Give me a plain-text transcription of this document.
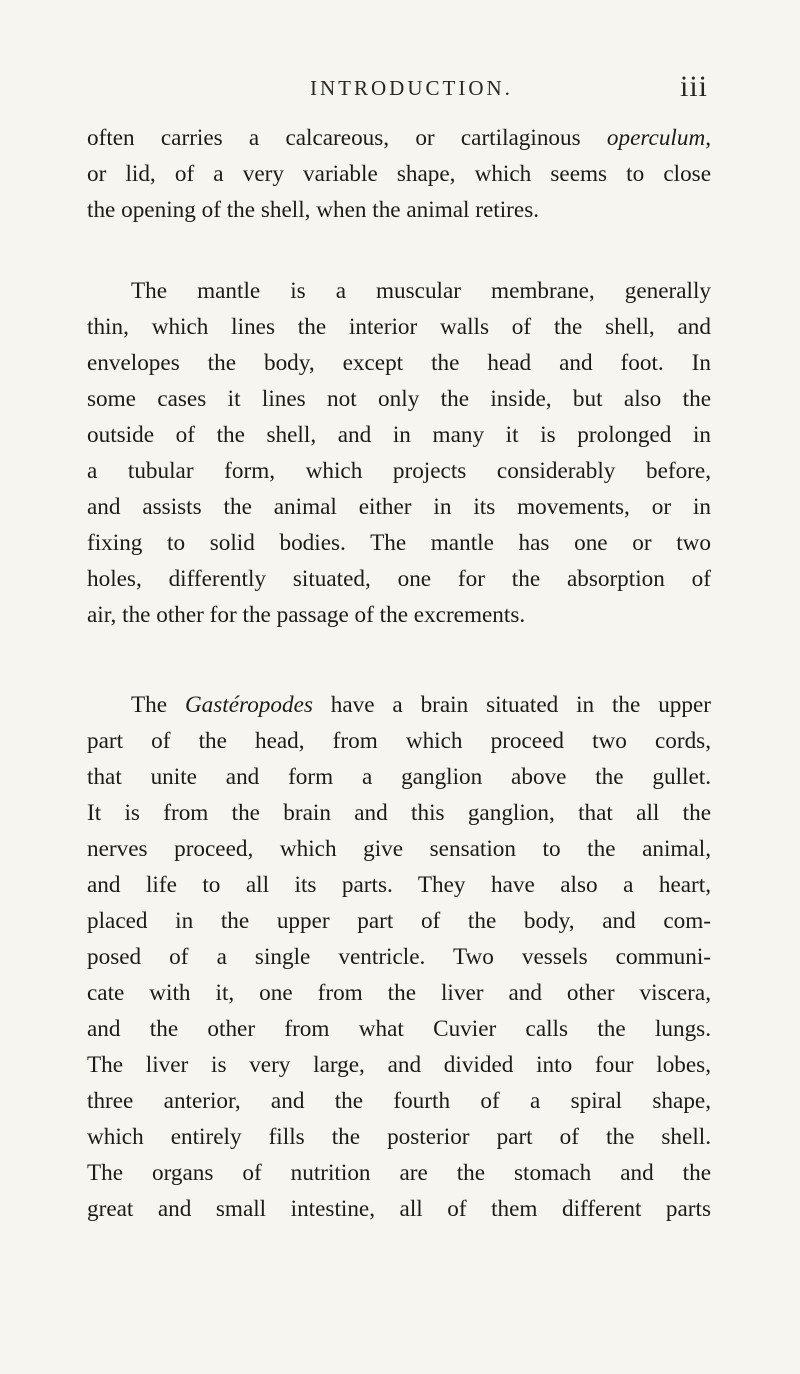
INTRODUCTION.	iii
often carries a calcareous, or cartilaginous operculum,
or lid, of a very variable shape, which seems to close
the opening of the shell, when the animal retires.
The mantle is a muscular membrane, generally
thin, which lines the interior walls of the shell, and
envelopes the body, except the head and foot. In
some cases it lines not only the inside, but also the
outside of the shell, and in many it is prolonged in
a tubular form, which projects considerably before,
and assists the animal either in its movements, or in
fixing to solid bodies. The mantle has one or two
holes, differently situated, one for the absorption of
air, the other for the passage of the excrements.
The Gastéropodes have a brain situated in the upper
part of the head, from which proceed two cords,
that unite and form a ganglion above the gullet.
It is from the brain and this ganglion, that all the
nerves proceed, which give sensation to the animal,
and life to all its parts. They have also a heart,
placed in the upper part of the body, and com-
posed of a single ventricle. Two vessels communi-
cate with it, one from the liver and other viscera,
and the other from what Cuvier calls the lungs.
The liver is very large, and divided into four lobes,
three anterior, and the fourth of a spiral shape,
which entirely fills the posterior part of the shell.
The organs of nutrition are the stomach and the
great and small intestine, all of them different parts
